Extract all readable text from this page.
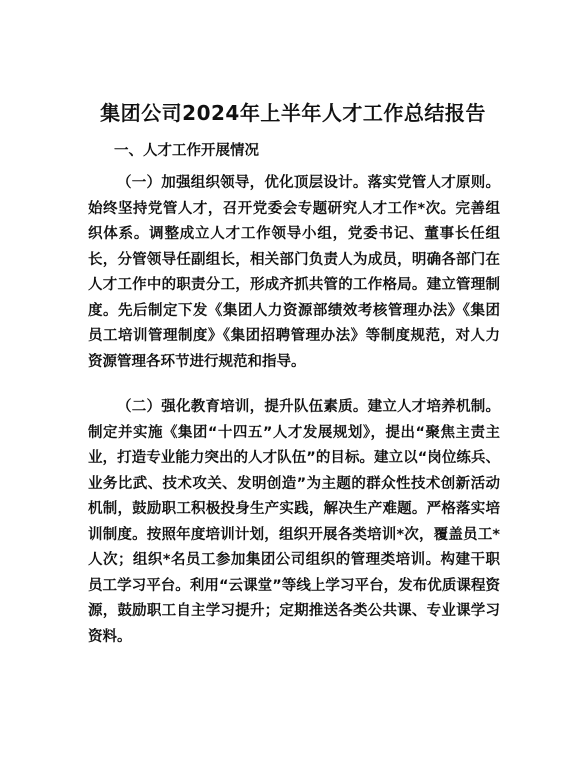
集团公司2024年上半年人才工作总结报告
一、人才工作开展情况

（一）加强组织领导，优化顶层设计。落实党管人才原则。始终坚持党管人才，召开党委会专题研究人才工作*次。完善组织体系。调整成立人才工作领导小组，党委书记、董事长任组长，分管领导任副组长，相关部门负责人为成员，明确各部门在人才工作中的职责分工，形成齐抓共管的工作格局。建立管理制度。先后制定下发《集团人力资源部绩效考核管理办法》《集团员工培训管理制度》《集团招聘管理办法》等制度规范，对人力资源管理各环节进行规范和指导。

（二）强化教育培训，提升队伍素质。建立人才培养机制。制定并实施《集团“十四五”人才发展规划》，提出“聚焦主责主业，打造专业能力突出的人才队伍”的目标。建立以“岗位练兵、业务比武、技术攻关、发明创造”为主题的群众性技术创新活动机制，鼓励职工积极投身生产实践，解决生产难题。严格落实培训制度。按照年度培训计划，组织开展各类培训*次，覆盖员工*人次；组织*名员工参加集团公司组织的管理类培训。构建干职员工学习平台。利用“云课堂”等线上学习平台，发布优质课程资源，鼓励职工自主学习提升；定期推送各类公共课、专业课学习资料。
